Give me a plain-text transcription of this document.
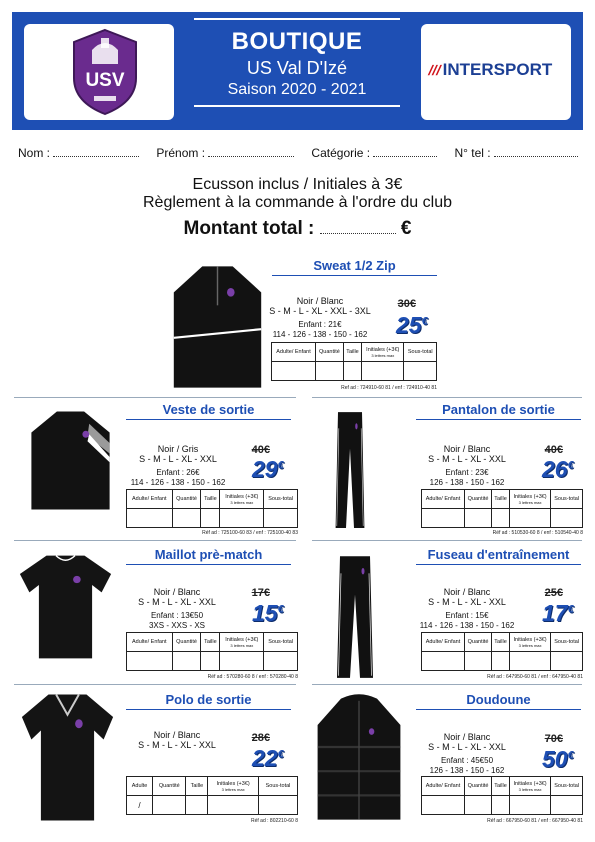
USV
BOUTIQUE
US Val D'Izé
Saison 2020 - 2021
///INTERSPORT
Nom :	Prénom :	Catégorie :	N° tel :
Ecusson inclus / Initiales à 3€
Règlement à la commande à l'ordre du club
Montant total :	€
Sweat 1/2 Zip
Noir / Blanc
S - M - L - XL - XXL - 3XL
Enfant : 21€
114 - 126 - 138 - 150 - 162
30€
25€
Adulte/ Enfant	Quantité	Taille	Initiales (+3€)
3 lettres max	Sous-total

Ref ad : 724910-60 81 / enf : 724910-40 81
Veste de sortie
Noir / Gris
S - M - L - XL - XXL
Enfant : 26€
114 - 126 - 138 - 150 - 162
40€
29€
Adulte/ Enfant	Quantité	Taille	Initiales (+3€)
3 lettres max	Sous-total

Réf ad : 725100-60 83 / enf : 725100-40 83
Pantalon de sortie
Noir / Blanc
S - M - L - XL - XXL
Enfant : 23€
126 - 138 - 150 - 162
40€
26€
Adulte/ Enfant	Quantité	Taille	Initiales (+3€)
3 lettres max	Sous-total

Réf ad : 510530-60 8 / enf : 510540-40 8
Maillot prè-match
Noir / Blanc
S - M - L - XL - XXL
Enfant : 13€50
3XS - XXS - XS
17€
15€
Adulte/ Enfant	Quantité	Taille	Initiales (+3€)
3 lettres max	Sous-total

Réf ad : 570280-60 8 / enf : 570280-40 8
Fuseau d'entraînement
Noir / Blanc
S - M - L - XL - XXL
Enfant : 15€
114 - 126 - 138 - 150 - 162
25€
17€
Adulte/ Enfant	Quantité	Taille	Initiales (+3€)
3 lettres max	Sous-total

Réf ad : 647950-60 81 / enf : 647950-40 81
Polo de sortie
Noir / Blanc
S - M - L - XL - XXL
28€
22€
Adulte	Quantité	Taille	Initiales (+3€)
3 lettres max	Sous-total
/				
Réf ad : 802210-60 8
Doudoune
Noir / Blanc
S - M - L - XL - XXL
Enfant : 45€50
126 - 138 - 150 - 162
70€
50€
Adulte/ Enfant	Quantité	Taille	Initiales (+3€)
3 lettres max	Sous-total

Réf ad : 667950-60 81 / enf : 667950-40 81
